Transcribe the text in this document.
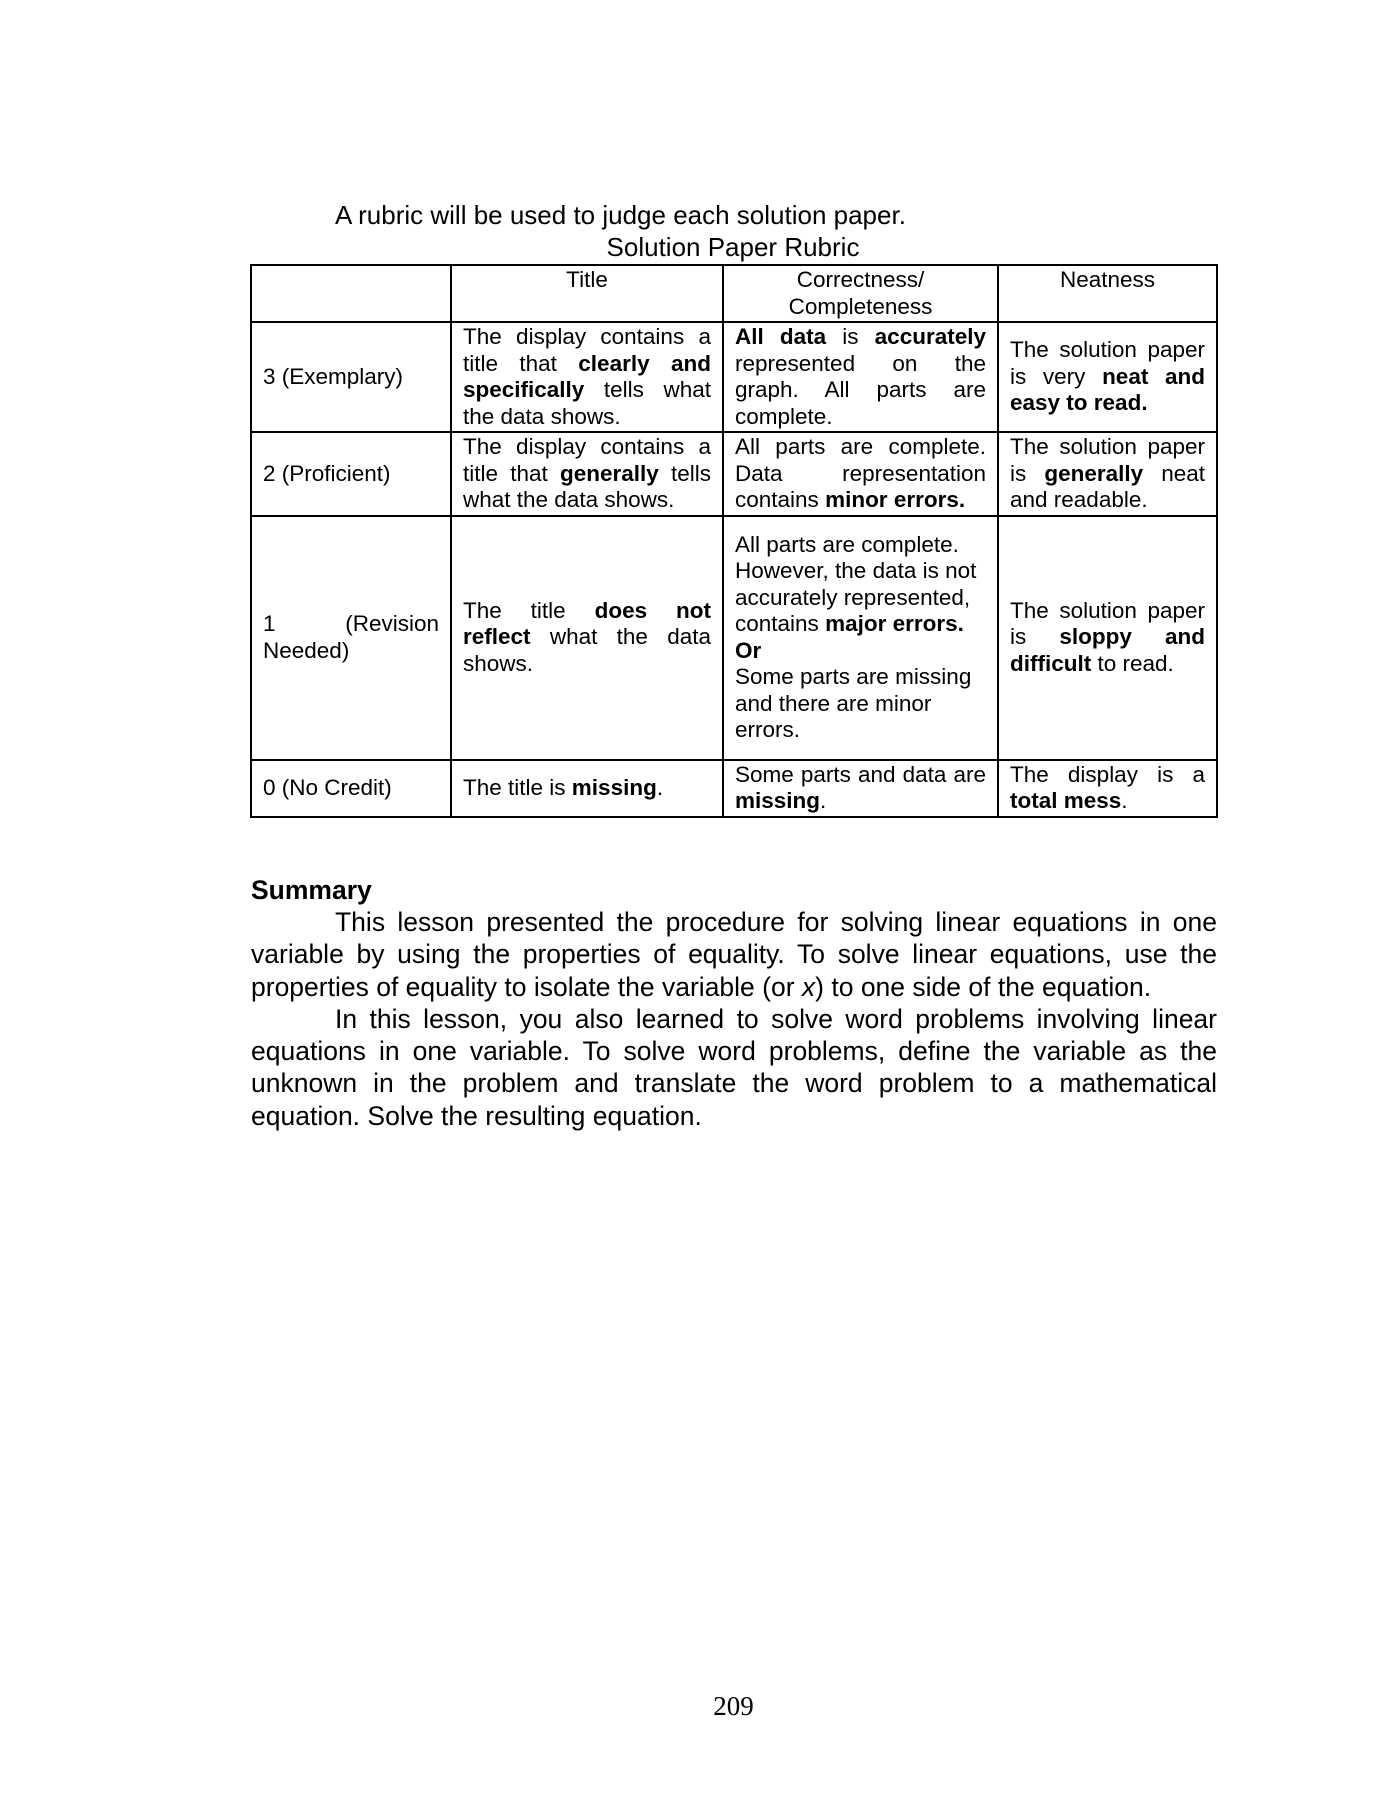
A rubric will be used to judge each solution paper.

Solution Paper Rubric

	Title	Correctness/ Completeness	Neatness
3 (Exemplary)	The display contains a title that clearly and specifically tells what the data shows.	All data is accurately represented on the graph. All parts are complete.	The solution paper is very neat and easy to read.
2 (Proficient)	The display contains a title that generally tells what the data shows.	All parts are complete. Data representation contains minor errors.	The solution paper is generally neat and readable.
1 (Revision Needed)	The title does not reflect what the data shows.	All parts are complete. However, the data is not accurately represented, contains major errors.
Or
Some parts are missing and there are minor errors.	The solution paper is sloppy and difficult to read.
0 (No Credit)	The title is missing.	Some parts and data are missing.	The display is a total mess.
Summary

This lesson presented the procedure for solving linear equations in one variable by using the properties of equality. To solve linear equations, use the properties of equality to isolate the variable (or x) to one side of the equation.

In this lesson, you also learned to solve word problems involving linear equations in one variable. To solve word problems, define the variable as the unknown in the problem and translate the word problem to a mathematical equation. Solve the resulting equation.

209
